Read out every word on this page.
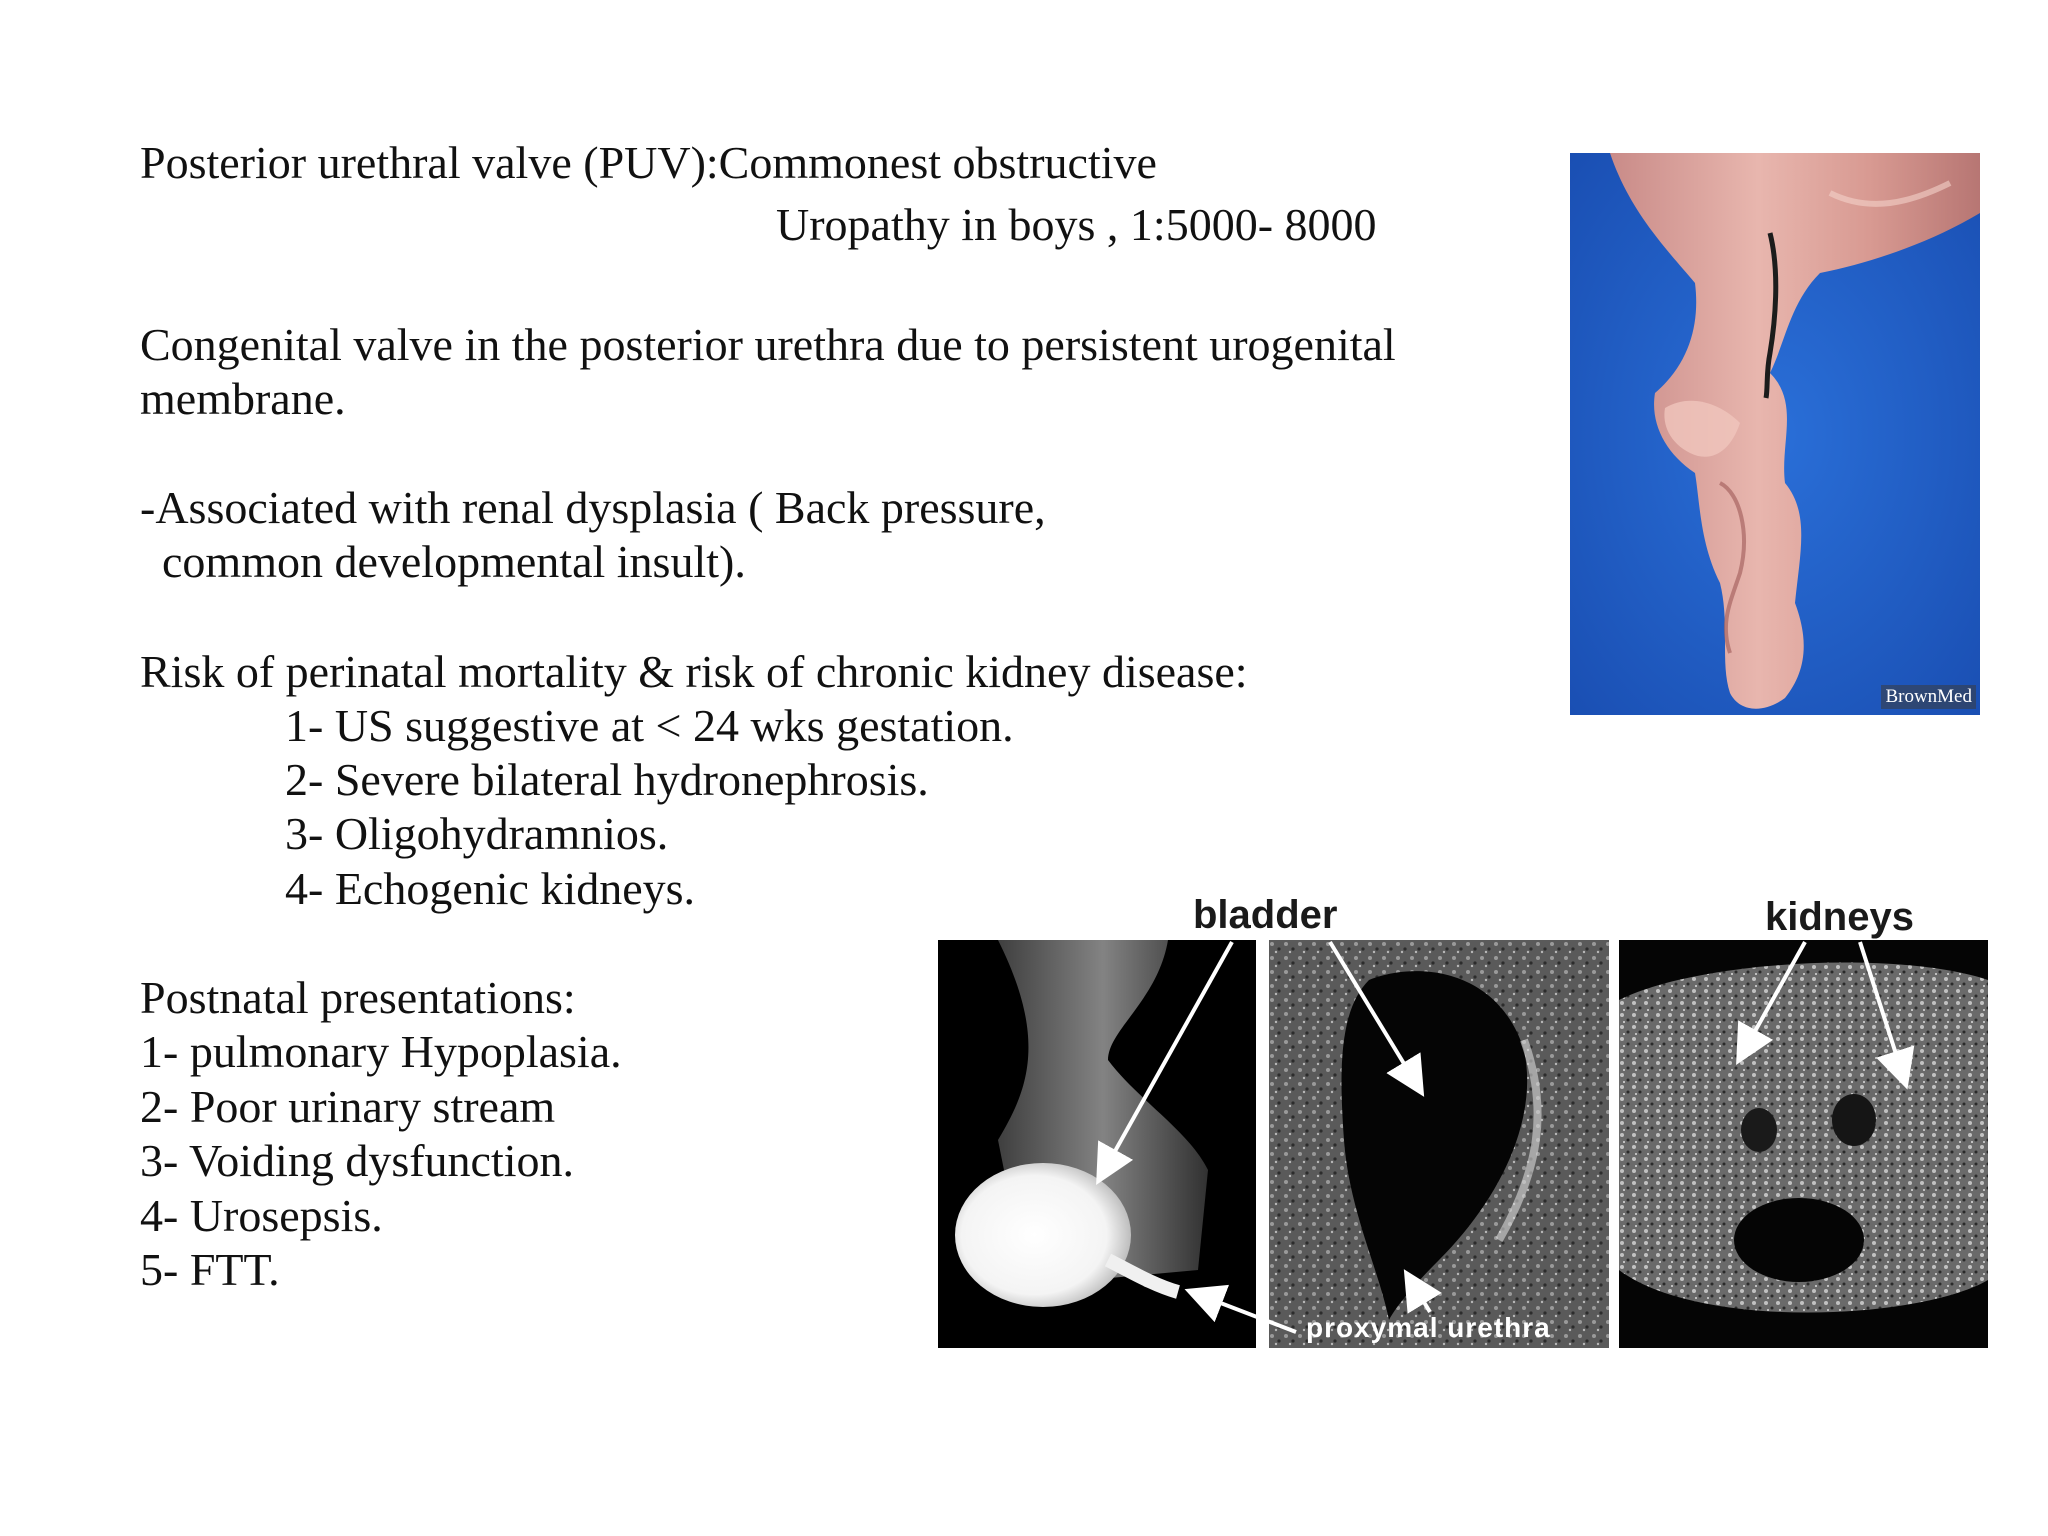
Posterior urethral valve (PUV):Commonest obstructive
Uropathy in boys , 1:5000- 8000
Congenital valve in the posterior urethra due to persistent urogenital
membrane.
-Associated with renal dysplasia ( Back pressure,
common developmental insult).
Risk of perinatal mortality & risk of chronic kidney disease:
1- US suggestive at < 24 wks gestation.
2- Severe bilateral hydronephrosis.
3- Oligohydramnios.
4- Echogenic kidneys.
Postnatal presentations:
1- pulmonary Hypoplasia.
2- Poor urinary stream
3- Voiding dysfunction.
4- Urosepsis.
5- FTT.
BrownMed
bladder	kidneys
proxymal urethra
